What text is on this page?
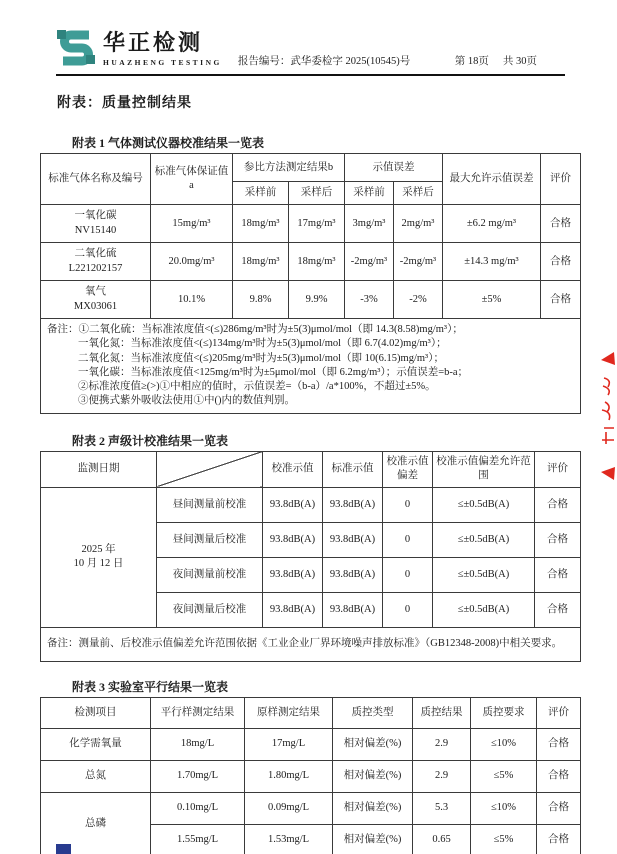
华正检测
HUAZHENG TESTING 报告编号：武华委检字 2025(10545)号	第 18页 共 30页
附表：质量控制结果
附表 1 气体测试仪器校准结果一览表
标准气体名称及编号	标准气体保证值 a	参比方法测定结果b		示值误差		最大允许示值误差	评价
		采样前	采样后	采样前	采样后		

一氧化碳
NV15140	15mg/m³	18mg/m³	17mg/m³	3mg/m³	2mg/m³	±6.2 mg/m³	合格

二氧化硫
L221202157	20.0mg/m³	18mg/m³	18mg/m³	-2mg/m³	-2mg/m³	±14.3 mg/m³	合格

氧气
MX03061	10.1%	9.8%	9.9%	-3%	-2%	±5%	合格

备注：①二氧化硫：当标准浓度值<(≤)286mg/m³时为±5(3)μmol/mol（即 14.3(8.58)mg/m³）；
一氧化氮：当标准浓度值<(≤)134mg/m³时为±5(3)μmol/mol（即 6.7(4.02)mg/m³）；
二氧化氮：当标准浓度值<(≤)205mg/m³时为±5(3)μmol/mol（即 10(6.15)mg/m³）；
一氧化碳：当标准浓度值<125mg/m³时为±5μmol/mol（即 6.2mg/m³）；示值误差=b-a；
②标准浓度值≥(>)①中相应的值时，示值误差=（b-a）/a*100%，不超过±5%。
③便携式紫外吸收法使用①中()内的数值判别。
附表 2 声级计校准结果一览表
监测日期		校准示值	标准示值	校准示值偏差	校准示值偏差允许范围	评价

2025 年
10 月 12 日	昼间测量前校准	93.8dB(A)	93.8dB(A)	0	≤±0.5dB(A)	合格
	昼间测量后校准	93.8dB(A)	93.8dB(A)	0	≤±0.5dB(A)	合格
	夜间测量前校准	93.8dB(A)	93.8dB(A)	0	≤±0.5dB(A)	合格
	夜间测量后校准	93.8dB(A)	93.8dB(A)	0	≤±0.5dB(A)	合格
备注：测量前、后校准示值偏差允许范围依据《工业企业厂界环境噪声排放标准》（GB12348-2008)中相关要求。						
附表 3 实验室平行结果一览表
检测项目	平行样测定结果	原样测定结果	质控类型	质控结果	质控要求	评价
化学需氧量	18mg/L	17mg/L	相对偏差(%)	2.9	≤10%	合格
总氮	1.70mg/L	1.80mg/L	相对偏差(%)	2.9	≤5%	合格
总磷	0.10mg/L	0.09mg/L	相对偏差(%)	5.3	≤10%	合格
	1.55mg/L	1.53mg/L	相对偏差(%)	0.65	≤5%	合格
